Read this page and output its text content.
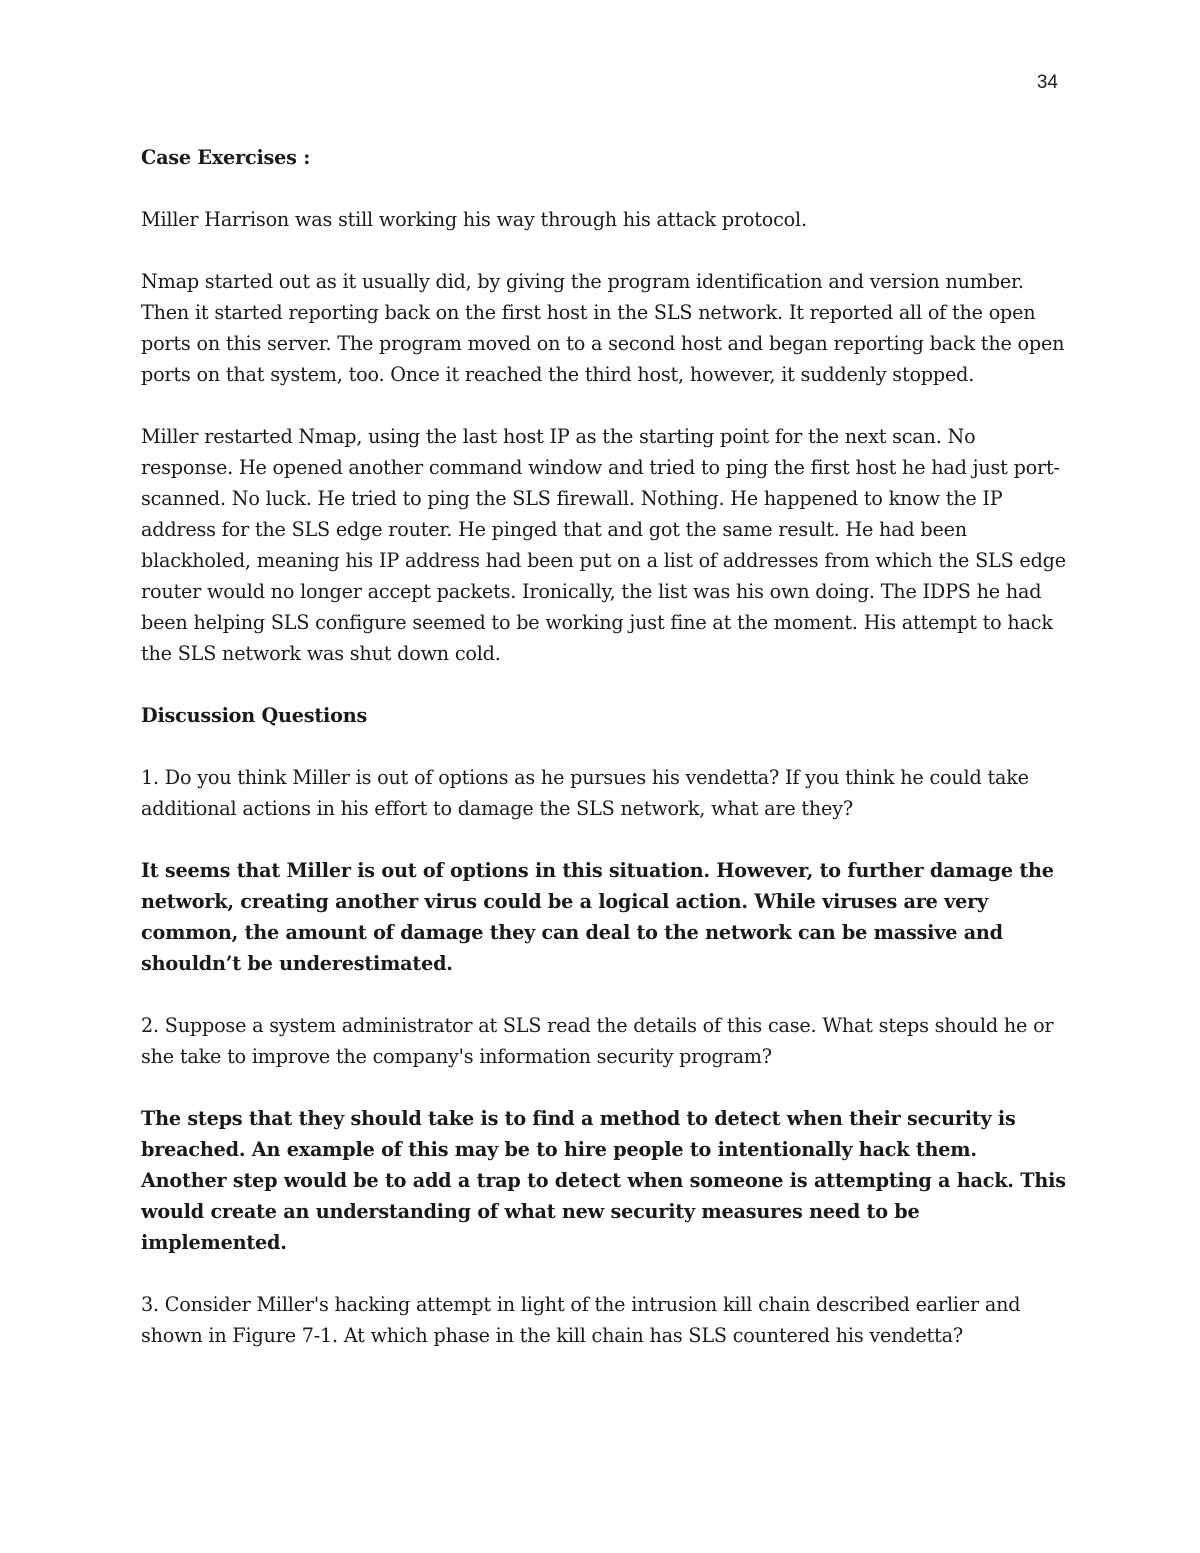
34

Case Exercises :

Miller Harrison was still working his way through his attack protocol.

Nmap started out as it usually did, by giving the program identification and version number. Then it started reporting back on the first host in the SLS network. It reported all of the open ports on this server. The program moved on to a second host and began reporting back the open ports on that system, too. Once it reached the third host, however, it suddenly stopped.

Miller restarted Nmap, using the last host IP as the starting point for the next scan. No response. He opened another command window and tried to ping the first host he had just port-scanned. No luck. He tried to ping the SLS firewall. Nothing. He happened to know the IP address for the SLS edge router. He pinged that and got the same result. He had been blackholed, meaning his IP address had been put on a list of addresses from which the SLS edge router would no longer accept packets. Ironically, the list was his own doing. The IDPS he had been helping SLS configure seemed to be working just fine at the moment. His attempt to hack the SLS network was shut down cold.

Discussion Questions

1. Do you think Miller is out of options as he pursues his vendetta? If you think he could take additional actions in his effort to damage the SLS network, what are they?

It seems that Miller is out of options in this situation. However, to further damage the network, creating another virus could be a logical action. While viruses are very common, the amount of damage they can deal to the network can be massive and shouldn’t be underestimated.

2. Suppose a system administrator at SLS read the details of this case. What steps should he or she take to improve the company's information security program?

The steps that they should take is to find a method to detect when their security is breached. An example of this may be to hire people to intentionally hack them. Another step would be to add a trap to detect when someone is attempting a hack. This would create an understanding of what new security measures need to be implemented.

3. Consider Miller's hacking attempt in light of the intrusion kill chain described earlier and shown in Figure 7-1. At which phase in the kill chain has SLS countered his vendetta?
